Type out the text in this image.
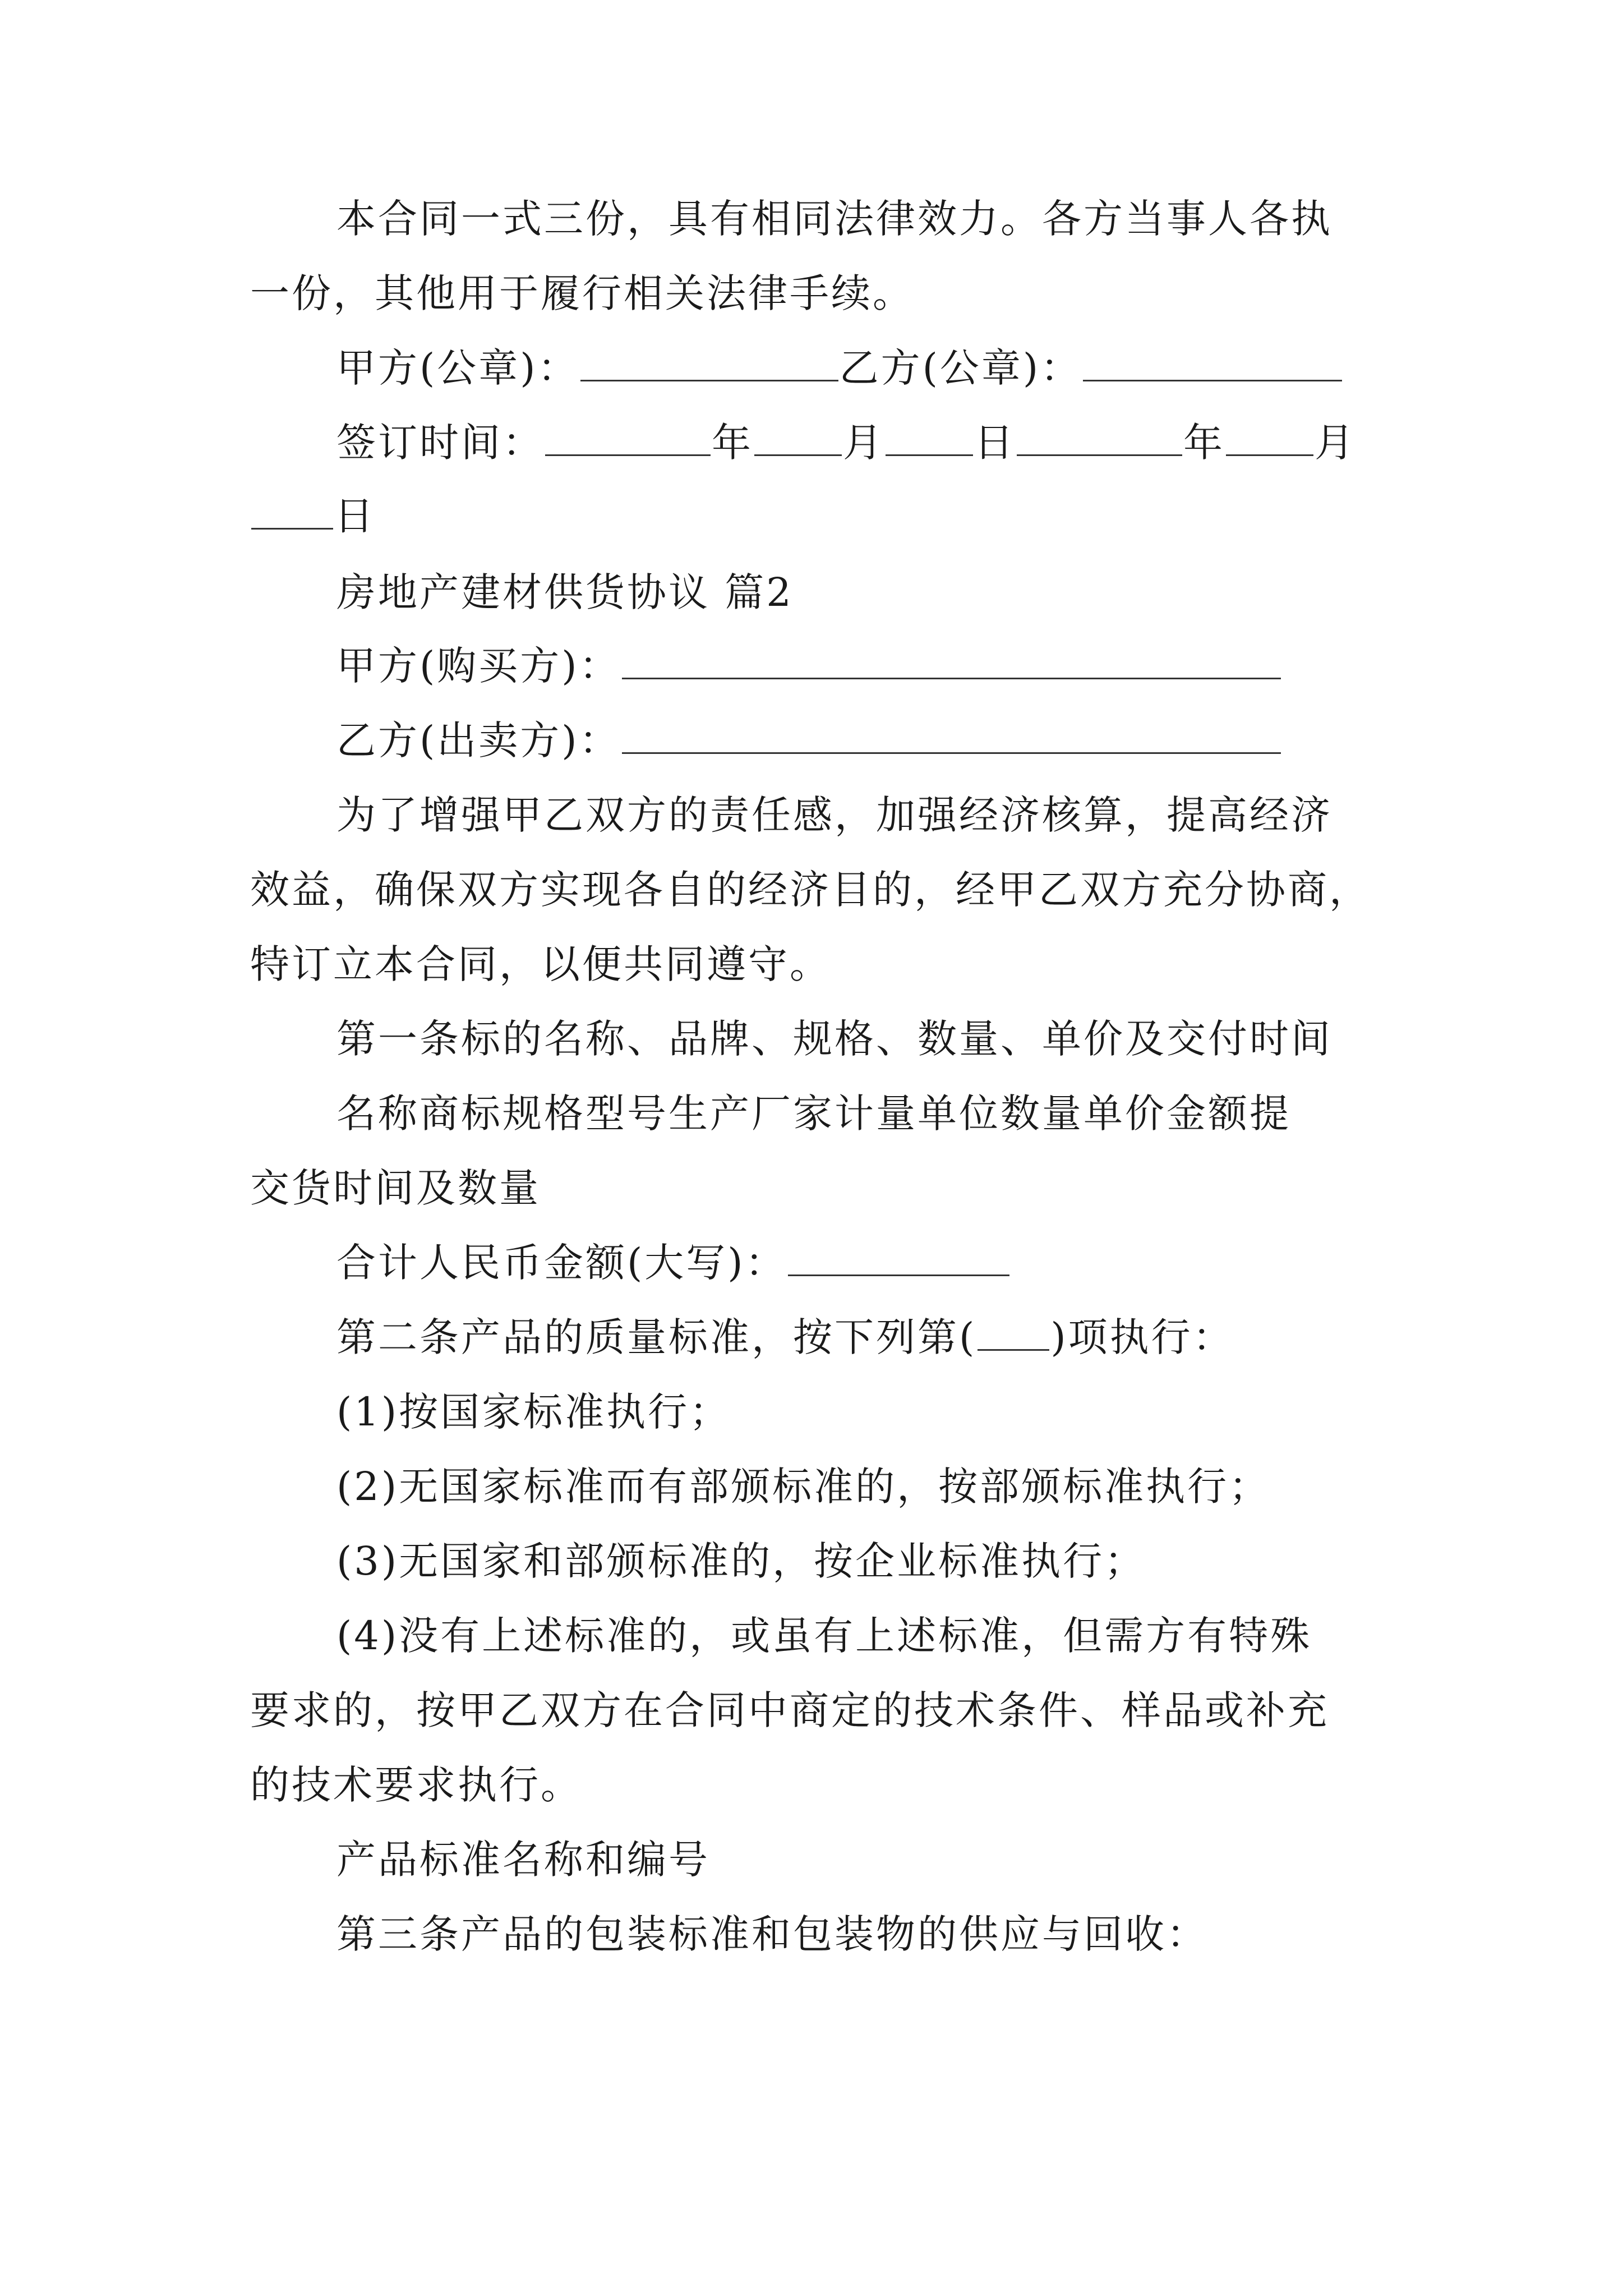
本合同一式三份，具有相同法律效力。各方当事人各执
一份，其他用于履行相关法律手续。
甲方(公章)：	乙方(公章)：
签订时间：	年 月 日	年 月
日
房地产建材供货协议 篇2
甲方(购买方)：
乙方(出卖方)：
为了增强甲乙双方的责任感，加强经济核算，提高经济
效益，确保双方实现各自的经济目的，经甲乙双方充分协商，
特订立本合同，以便共同遵守。
第一条标的名称、品牌、规格、数量、单价及交付时间
名称商标规格型号生产厂家计量单位数量单价金额提
交货时间及数量
合计人民币金额(大写)：
第二条产品的质量标准，按下列第( )项执行：
(1)按国家标准执行；
(2)无国家标准而有部颁标准的，按部颁标准执行；
(3)无国家和部颁标准的，按企业标准执行；
(4)没有上述标准的，或虽有上述标准，但需方有特殊
要求的，按甲乙双方在合同中商定的技术条件、样品或补充
的技术要求执行。
产品标准名称和编号
第三条产品的包装标准和包装物的供应与回收：
